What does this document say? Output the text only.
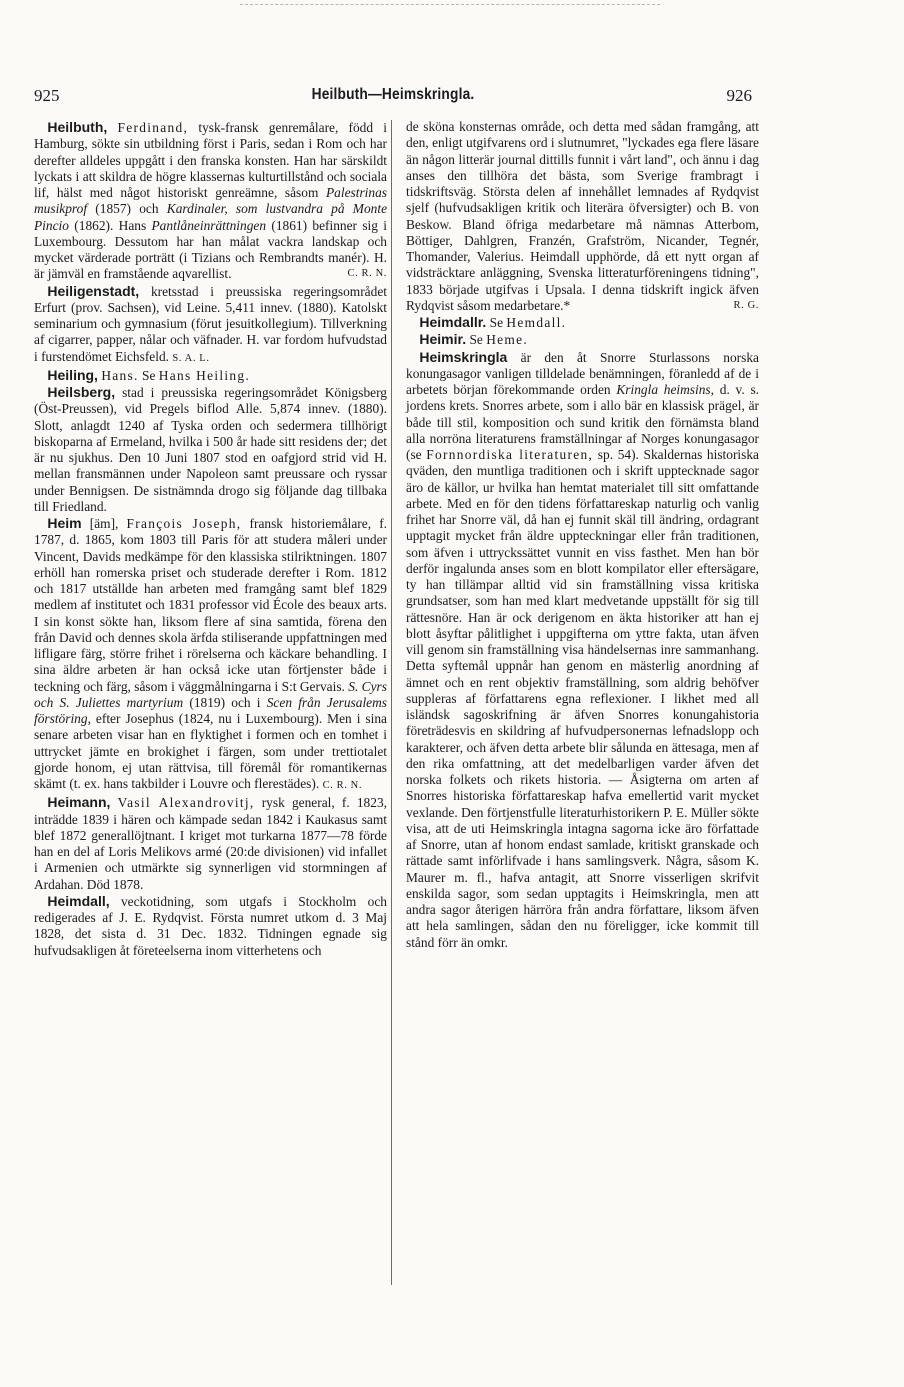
925	Heilbuth—Heimskringla.	926

 Heilbuth, Ferdinand, tysk-fransk genremålare, född i Hamburg, sökte sin utbildning först i Paris, sedan i Rom och har derefter alldeles uppgått i den franska konsten. Han har särskildt lyckats i att skildra de högre klassernas kulturtillstånd och sociala lif, hälst med något historiskt genreämne, såsom Palestrinas musikprof (1857) och Kardinaler, som lustvandra på Monte Pincio (1862). Hans Pantlåneinrättningen (1861) befinner sig i Luxembourg. Dessutom har han målat vackra landskap och mycket värderade porträtt (i Tizians och Rembrandts manér). H. är jämväl en framstående aqvarellist.	C. R. N.

 Heiligenstadt, kretsstad i preussiska regeringsområdet Erfurt (prov. Sachsen), vid Leine. 5,411 innev. (1880). Katolskt seminarium och gymnasium (förut jesuitkollegium). Tillverkning af cigarrer, papper, nålar och väfnader. H. var fordom hufvudstad i furstendömet Eichsfeld. S. A. L.

 Heiling, Hans. Se Hans Heiling.

 Heilsberg, stad i preussiska regeringsområdet Königsberg (Öst-Preussen), vid Pregels biflod Alle. 5,874 innev. (1880). Slott, anlagdt 1240 af Tyska orden och sedermera tillhörigt biskoparna af Ermeland, hvilka i 500 år hade sitt residens der; det är nu sjukhus. Den 10 Juni 1807 stod en oafgjord strid vid H. mellan fransmännen under Napoleon samt preussare och ryssar under Bennigsen. De sistnämnda drogo sig följande dag tillbaka till Friedland.

 Heim [äm], François Joseph, fransk historiemålare, f. 1787, d. 1865, kom 1803 till Paris för att studera måleri under Vincent, Davids medkämpe för den klassiska stilriktningen. 1807 erhöll han romerska priset och studerade derefter i Rom. 1812 och 1817 utställde han arbeten med framgång samt blef 1829 medlem af institutet och 1831 professor vid École des beaux arts. I sin konst sökte han, liksom flere af sina samtida, förena den från David och dennes skola ärfda stiliserande uppfattningen med lifligare färg, större frihet i rörelserna och käckare behandling. I sina äldre arbeten är han också icke utan förtjenster både i teckning och färg, såsom i väggmålningarna i S:t Gervais. S. Cyrs och S. Juliettes martyrium (1819) och i Scen från Jerusalems förstöring, efter Josephus (1824, nu i Luxembourg). Men i sina senare arbeten visar han en flyktighet i formen och en tomhet i uttrycket jämte en brokighet i färgen, som under trettiotalet gjorde honom, ej utan rättvisa, till föremål för romantikernas skämt (t. ex. hans takbilder i Louvre och flerestädes). C. R. N.

 Heimann, Vasil Alexandrovitj, rysk general, f. 1823, inträdde 1839 i hären och kämpade sedan 1842 i Kaukasus samt blef 1872 generallöjtnant. I kriget mot turkarna 1877—78 förde han en del af Loris Melikovs armé (20:de divisionen) vid infallet i Armenien och utmärkte sig synnerligen vid stormningen af Ardahan. Död 1878.

 Heimdall, veckotidning, som utgafs i Stockholm och redigerades af J. E. Rydqvist. Första numret utkom d. 3 Maj 1828, det sista d. 31 Dec. 1832. Tidningen egnade sig hufvudsakligen åt företeelserna inom vitterhetens och

de sköna konsternas område, och detta med sådan framgång, att den, enligt utgifvarens ord i slutnumret, "lyckades ega flere läsare än någon litterär journal dittills funnit i vårt land", och ännu i dag anses den tillhöra det bästa, som Sverige frambragt i tidskriftsväg. Största delen af innehållet lemnades af Rydqvist sjelf (hufvudsakligen kritik och literära öfversigter) och B. von Beskow. Bland öfriga medarbetare må nämnas Atterbom, Böttiger, Dahlgren, Franzén, Grafström, Nicander, Tegnér, Thomander, Valerius. Heimdall upphörde, då ett nytt organ af vidsträcktare anläggning, Svenska litteraturföreningens tidning", 1833 började utgifvas i Upsala. I denna tidskrift ingick äfven Rydqvist såsom medarbetare.*	R. G.

 Heimdallr. Se Hemdall.

 Heimir. Se Heme.

 Heimskringla är den åt Snorre Sturlassons norska konungasagor vanligen tilldelade benämningen, föranledd af de i arbetets början förekommande orden Kringla heimsins, d. v. s. jordens krets. Snorres arbete, som i allo bär en klassisk prägel, är både till stil, komposition och sund kritik den förnämsta bland alla norröna literaturens framställningar af Norges konungasagor (se Fornnordiska literaturen, sp. 54). Skaldernas historiska qväden, den muntliga traditionen och i skrift upptecknade sagor äro de källor, ur hvilka han hemtat materialet till sitt omfattande arbete. Med en för den tidens författareskap naturlig och vanlig frihet har Snorre väl, då han ej funnit skäl till ändring, ordagrant upptagit mycket från äldre uppteckningar eller från traditionen, som äfven i uttryckssättet vunnit en viss fasthet. Men han bör derför ingalunda anses som en blott kompilator eller eftersägare, ty han tillämpar alltid vid sin framställning vissa kritiska grundsatser, som han med klart medvetande uppställt för sig till rättesnöre. Han är ock derigenom en äkta historiker att han ej blott åsyftar pålitlighet i uppgifterna om yttre fakta, utan äfven vill genom sin framställning visa händelsernas inre sammanhang. Detta syftemål uppnår han genom en mästerlig anordning af ämnet och en rent objektiv framställning, som aldrig behöfver suppleras af författarens egna reflexioner. I likhet med all isländsk sagoskrifning är äfven Snorres konungahistoria företrädesvis en skildring af hufvudpersonernas lefnadslopp och karakterer, och äfven detta arbete blir sålunda en ättesaga, men af den rika omfattning, att det medelbarligen varder äfven det norska folkets och rikets historia. — Åsigterna om arten af Snorres historiska författareskap hafva emellertid varit mycket vexlande. Den förtjenstfulle literaturhistorikern P. E. Müller sökte visa, att de uti Heimskringla intagna sagorna icke äro författade af Snorre, utan af honom endast samlade, kritiskt granskade och rättade samt införlifvade i hans samlingsverk. Några, såsom K. Maurer m. fl., hafva antagit, att Snorre visserligen skrifvit enskilda sagor, som sedan upptagits i Heimskringla, men att andra sagor återigen härröra från andra författare, liksom äfven att hela samlingen, sådan den nu föreligger, icke kommit till stånd förr än omkr.
